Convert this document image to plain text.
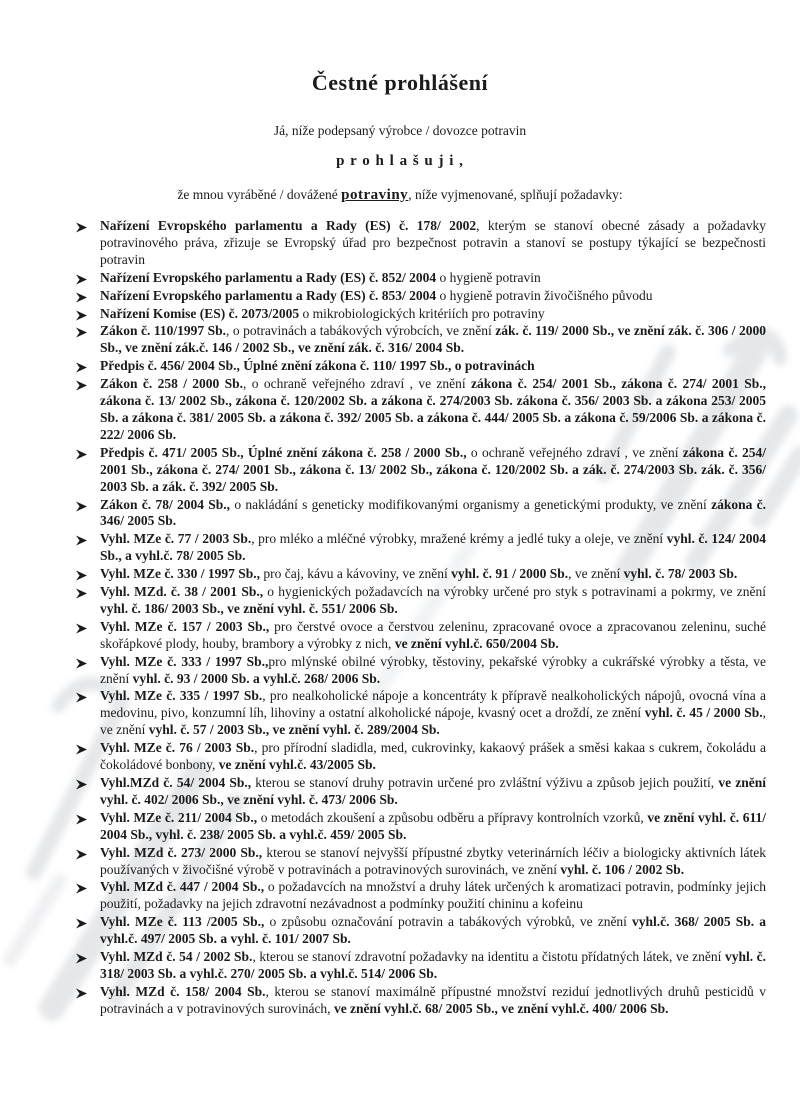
Čestné prohlášení

Já, níže podepsaný výrobce / dovozce potravin

p r o h l a š u j i ,

že mnou vyráběné / dovážené potraviny, níže vyjmenované, splňují požadavky:

Nařízení Evropského parlamentu a Rady (ES) č. 178/ 2002, kterým se stanoví obecné zásady a požadavky potravinového práva, zřizuje se Evropský úřad pro bezpečnost potravin a stanoví se postupy týkající se bezpečnosti potravin
Nařízení Evropského parlamentu a Rady (ES) č. 852/ 2004 o hygieně potravin
Nařízení Evropského parlamentu a Rady (ES) č. 853/ 2004 o hygieně potravin živočišného původu
Nařízení Komise (ES) č. 2073/2005 o mikrobiologických kritériích pro potraviny
Zákon č. 110/1997 Sb., o potravinách a tabákových výrobcích, ve znění zák. č. 119/ 2000 Sb., ve znění zák. č. 306 / 2000 Sb., ve znění zák.č. 146 / 2002 Sb., ve znění zák. č. 316/ 2004 Sb.
Předpis č. 456/ 2004 Sb., Úplné znění zákona č. 110/ 1997 Sb., o potravinách
Zákon č. 258 / 2000 Sb., o ochraně veřejného zdraví , ve znění zákona č. 254/ 2001 Sb., zákona č. 274/ 2001 Sb., zákona č. 13/ 2002 Sb., zákona č. 120/2002 Sb. a zákona č. 274/2003 Sb. zákona č. 356/ 2003 Sb. a zákona 253/ 2005 Sb. a zákona č. 381/ 2005 Sb. a zákona č. 392/ 2005 Sb. a zákona č. 444/ 2005 Sb. a zákona č. 59/2006 Sb. a zákona č. 222/ 2006 Sb.
Předpis č. 471/ 2005 Sb., Úplné znění zákona č. 258 / 2000 Sb., o ochraně veřejného zdraví , ve znění zákona č. 254/ 2001 Sb., zákona č. 274/ 2001 Sb., zákona č. 13/ 2002 Sb., zákona č. 120/2002 Sb. a zák. č. 274/2003 Sb. zák. č. 356/ 2003 Sb. a zák. č. 392/ 2005 Sb.
Zákon č. 78/ 2004 Sb., o nakládání s geneticky modifikovanými organismy a genetickými produkty, ve znění zákona č. 346/ 2005 Sb.
Vyhl. MZe č. 77 / 2003 Sb., pro mléko a mléčné výrobky, mražené krémy a jedlé tuky a oleje, ve znění vyhl. č. 124/ 2004 Sb., a vyhl.č. 78/ 2005 Sb.
Vyhl. MZe č. 330 / 1997 Sb., pro čaj, kávu a kávoviny, ve znění vyhl. č. 91 / 2000 Sb., ve znění vyhl. č. 78/ 2003 Sb.
Vyhl. MZd. č. 38 / 2001 Sb., o hygienických požadavcích na výrobky určené pro styk s potravinami a pokrmy, ve znění vyhl. č. 186/ 2003 Sb., ve znění vyhl. č. 551/ 2006 Sb.
Vyhl. MZe č. 157 / 2003 Sb., pro čerstvé ovoce a čerstvou zeleninu, zpracované ovoce a zpracovanou zeleninu, suché skořápkové plody, houby, brambory a výrobky z nich, ve znění vyhl.č. 650/2004 Sb.
Vyhl. MZe č. 333 / 1997 Sb.,pro mlýnské obilné výrobky, těstoviny, pekařské výrobky a cukrářské výrobky a těsta, ve znění vyhl. č. 93 / 2000 Sb. a vyhl.č. 268/ 2006 Sb.
Vyhl. MZe č. 335 / 1997 Sb., pro nealkoholické nápoje a koncentráty k přípravě nealkoholických nápojů, ovocná vína a medovinu, pivo, konzumní líh, lihoviny a ostatní alkoholické nápoje, kvasný ocet a droždí, ze znění vyhl. č. 45 / 2000 Sb., ve znění vyhl. č. 57 / 2003 Sb., ve znění vyhl. č. 289/2004 Sb.
Vyhl. MZe č. 76 / 2003 Sb., pro přírodní sladidla, med, cukrovinky, kakaový prášek a směsi kakaa s cukrem, čokoládu a čokoládové bonbony, ve znění vyhl.č. 43/2005 Sb.
Vyhl.MZd č. 54/ 2004 Sb., kterou se stanoví druhy potravin určené pro zvláštní výživu a způsob jejich použití, ve znění vyhl. č. 402/ 2006 Sb., ve znění vyhl. č. 473/ 2006 Sb.
Vyhl. MZe č. 211/ 2004 Sb., o metodách zkoušení a způsobu odběru a přípravy kontrolních vzorků, ve znění vyhl. č. 611/ 2004 Sb., vyhl. č. 238/ 2005 Sb. a vyhl.č. 459/ 2005 Sb.
Vyhl. MZd č. 273/ 2000 Sb., kterou se stanoví nejvyšší přípustné zbytky veterinárních léčiv a biologicky aktivních látek používaných v živočišné výrobě v potravinách a potravinových surovinách, ve znění vyhl. č. 106 / 2002 Sb.
Vyhl. MZd č. 447 / 2004 Sb., o požadavcích na množství a druhy látek určených k aromatizaci potravin, podmínky jejich použití, požadavky na jejich zdravotní nezávadnost a podmínky použití chininu a kofeinu
Vyhl. MZe č. 113 /2005 Sb., o způsobu označování potravin a tabákových výrobků, ve znění vyhl.č. 368/ 2005 Sb. a vyhl.č. 497/ 2005 Sb. a vyhl. č. 101/ 2007 Sb.
Vyhl. MZd č. 54 / 2002 Sb., kterou se stanoví zdravotní požadavky na identitu a čistotu přídatných látek, ve znění vyhl. č. 318/ 2003 Sb. a vyhl.č. 270/ 2005 Sb. a vyhl.č. 514/ 2006 Sb.
Vyhl. MZd č. 158/ 2004 Sb., kterou se stanoví maximálně přípustné množství reziduí jednotlivých druhů pesticidů v potravinách a v potravinových surovinách, ve znění vyhl.č. 68/ 2005 Sb., ve znění vyhl.č. 400/ 2006 Sb.
